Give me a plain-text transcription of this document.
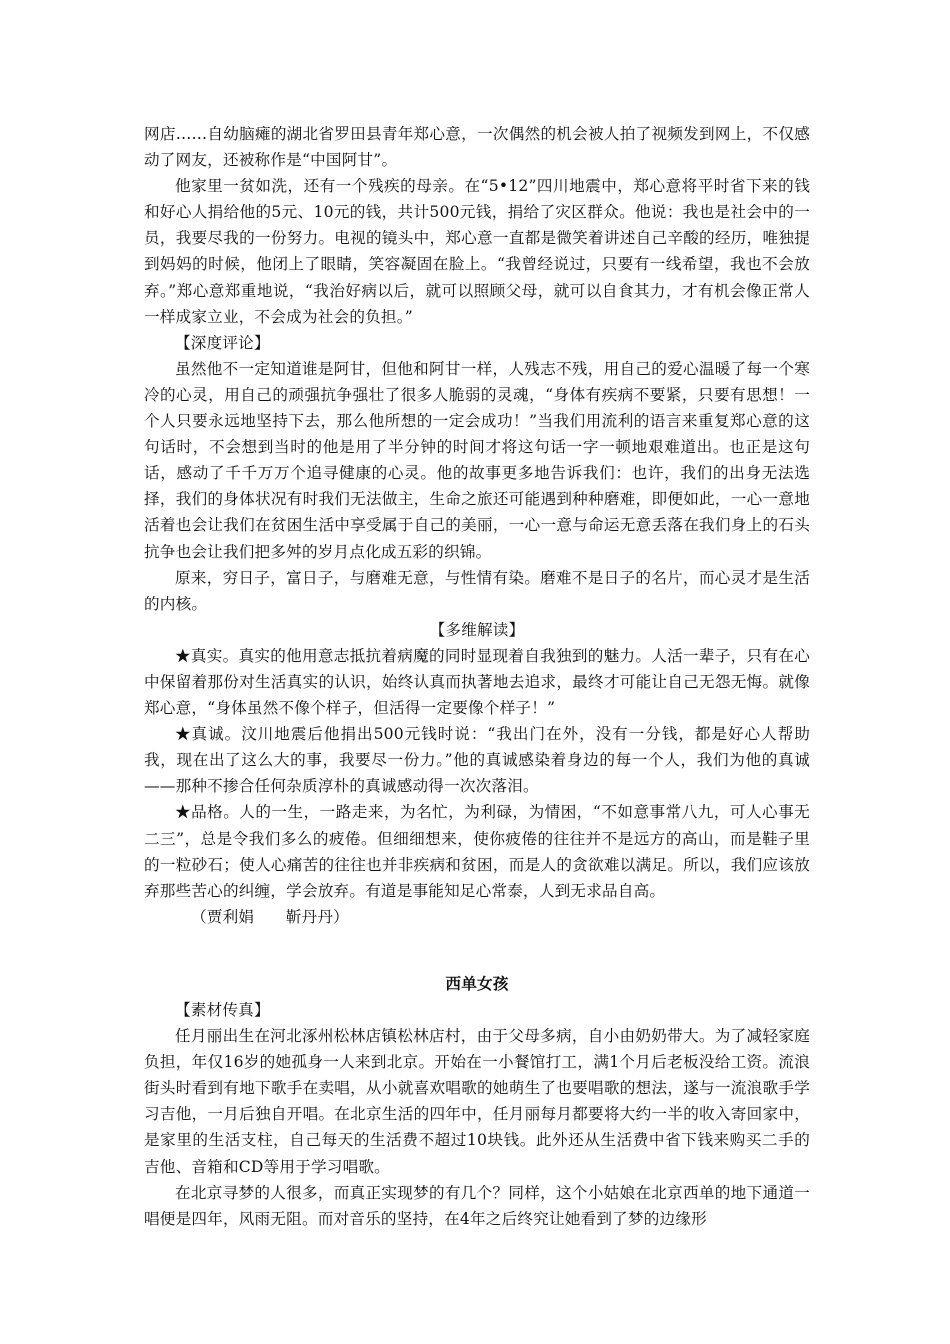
网店……自幼脑瘫的湖北省罗田县青年郑心意，一次偶然的机会被人拍了视频发到网上，不仅感动了网友，还被称作是“中国阿甘”。

他家里一贫如洗，还有一个残疾的母亲。在“5•12”四川地震中，郑心意将平时省下来的钱和好心人捐给他的5元、10元的钱，共计500元钱，捐给了灾区群众。他说：我也是社会中的一员，我要尽我的一份努力。电视的镜头中，郑心意一直都是微笑着讲述自己辛酸的经历，唯独提到妈妈的时候，他闭上了眼睛，笑容凝固在脸上。“我曾经说过，只要有一线希望，我也不会放弃。”郑心意郑重地说，“我治好病以后，就可以照顾父母，就可以自食其力，才有机会像正常人一样成家立业，不会成为社会的负担。”

【深度评论】

虽然他不一定知道谁是阿甘，但他和阿甘一样，人残志不残，用自己的爱心温暖了每一个寒冷的心灵，用自己的顽强抗争强壮了很多人脆弱的灵魂，“身体有疾病不要紧，只要有思想！一个人只要永远地坚持下去，那么他所想的一定会成功！”当我们用流利的语言来重复郑心意的这句话时，不会想到当时的他是用了半分钟的时间才将这句话一字一顿地艰难道出。也正是这句话，感动了千千万万个追寻健康的心灵。他的故事更多地告诉我们：也许，我们的出身无法选择，我们的身体状况有时我们无法做主，生命之旅还可能遇到种种磨难，即便如此，一心一意地活着也会让我们在贫困生活中享受属于自己的美丽，一心一意与命运无意丢落在我们身上的石头抗争也会让我们把多舛的岁月点化成五彩的织锦。

原来，穷日子，富日子，与磨难无意，与性情有染。磨难不是日子的名片，而心灵才是生活的内核。

【多维解读】

★真实。真实的他用意志抵抗着病魔的同时显现着自我独到的魅力。人活一辈子，只有在心中保留着那份对生活真实的认识，始终认真而执著地去追求，最终才可能让自己无怨无悔。就像郑心意，“身体虽然不像个样子，但活得一定要像个样子！”

★真诚。汶川地震后他捐出500元钱时说：“我出门在外，没有一分钱，都是好心人帮助我，现在出了这么大的事，我要尽一份力。”他的真诚感染着身边的每一个人，我们为他的真诚——那种不掺合任何杂质淳朴的真诚感动得一次次落泪。

★品格。人的一生，一路走来，为名忙，为利碌，为情困，“不如意事常八九，可人心事无二三”，总是令我们多么的疲倦。但细细想来，使你疲倦的往往并不是远方的高山，而是鞋子里的一粒砂石；使人心痛苦的往往也并非疾病和贫困，而是人的贪欲难以满足。所以，我们应该放弃那些苦心的纠缠，学会放弃。有道是事能知足心常泰，人到无求品自高。

（贾利娟　　靳丹丹）

西单女孩

【素材传真】

任月丽出生在河北涿州松林店镇松林店村，由于父母多病，自小由奶奶带大。为了减轻家庭负担，年仅16岁的她孤身一人来到北京。开始在一小餐馆打工，满1个月后老板没给工资。流浪街头时看到有地下歌手在卖唱，从小就喜欢唱歌的她萌生了也要唱歌的想法，遂与一流浪歌手学习吉他，一月后独自开唱。在北京生活的四年中，任月丽每月都要将大约一半的收入寄回家中，是家里的生活支柱，自己每天的生活费不超过10块钱。此外还从生活费中省下钱来购买二手的吉他、音箱和CD等用于学习唱歌。

在北京寻梦的人很多，而真正实现梦的有几个？同样，这个小姑娘在北京西单的地下通道一唱便是四年，风雨无阻。而对音乐的坚持，在4年之后终究让她看到了梦的边缘形
